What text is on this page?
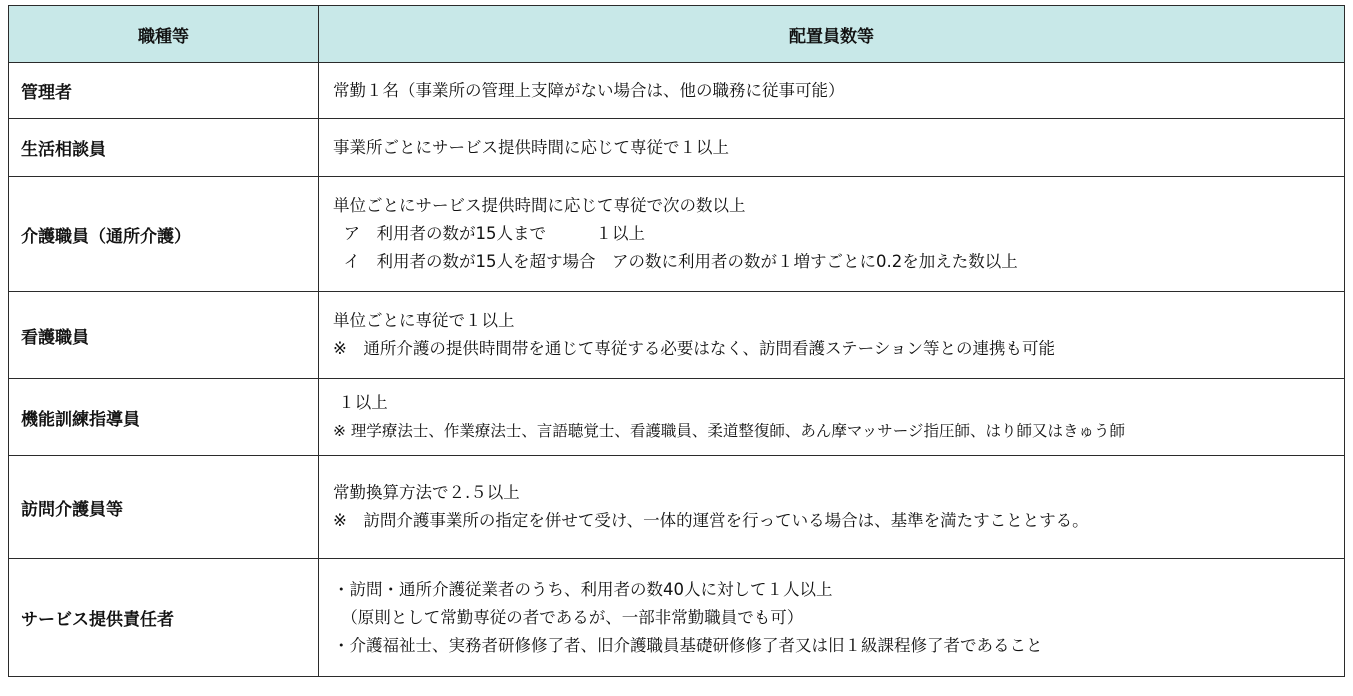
職種等	配置員数等
管理者	常勤１名（事業所の管理上支障がない場合は、他の職務に従事可能）

生活相談員	事業所ごとにサービス提供時間に応じて専従で１以上

介護職員（通所介護）	単位ごとにサービス提供時間に応じて専従で次の数以上
ア　利用者の数が15人まで　　　１以上
イ　利用者の数が15人を超す場合　アの数に利用者の数が１増すごとに0.2を加えた数以上

看護職員	単位ごとに専従で１以上
※　通所介護の提供時間帯を通じて専従する必要はなく、訪問看護ステーション等との連携も可能

機能訓練指導員	１以上
※ 理学療法士、作業療法士、言語聴覚士、看護職員、柔道整復師、あん摩マッサージ指圧師、はり師又はきゅう師

訪問介護員等	常勤換算方法で２.５以上
※　訪問介護事業所の指定を併せて受け、一体的運営を行っている場合は、基準を満たすこととする。

サービス提供責任者	・訪問・通所介護従業者のうち、利用者の数40人に対して１人以上
　（原則として常勤専従の者であるが、一部非常勤職員でも可）
・介護福祉士、実務者研修修了者、旧介護職員基礎研修修了者又は旧１級課程修了者であること
